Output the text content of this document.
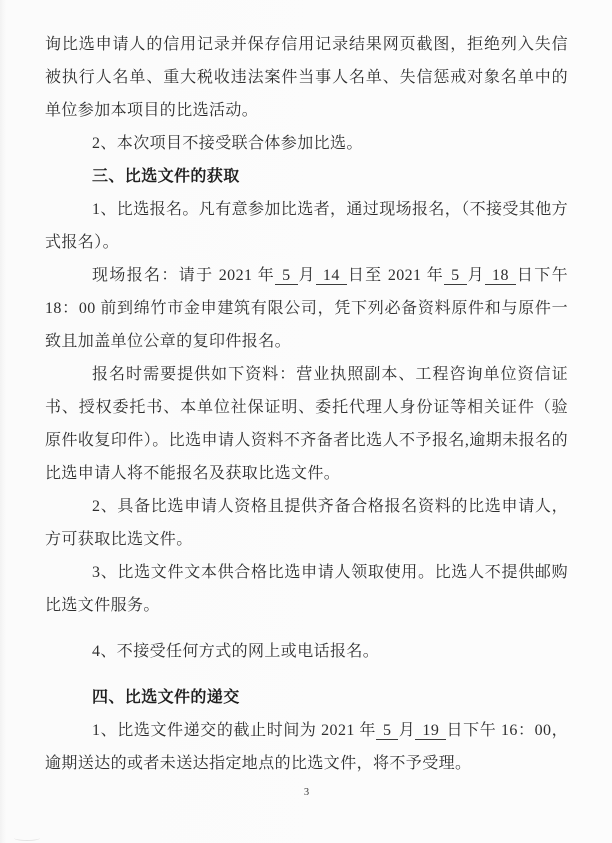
询比选申请人的信用记录并保存信用记录结果网页截图，拒绝列入失信被执行人名单、重大税收违法案件当事人名单、失信惩戒对象名单中的单位参加本项目的比选活动。

2、本次项目不接受联合体参加比选。

三、比选文件的获取

1、比选报名。凡有意参加比选者，通过现场报名，（不接受其他方式报名）。

现场报名：请于 2021 年 5 月 14 日至 2021 年 5 月 18 日下午 18：00 前到绵竹市金申建筑有限公司，凭下列必备资料原件和与原件一致且加盖单位公章的复印件报名。

报名时需要提供如下资料：营业执照副本、工程咨询单位资信证书、授权委托书、本单位社保证明、委托代理人身份证等相关证件（验原件收复印件）。比选申请人资料不齐备者比选人不予报名,逾期未报名的比选申请人将不能报名及获取比选文件。

2、具备比选申请人资格且提供齐备合格报名资料的比选申请人，方可获取比选文件。

3、比选文件文本供合格比选申请人领取使用。比选人不提供邮购比选文件服务。

4、不接受任何方式的网上或电话报名。

四、比选文件的递交

1、比选文件递交的截止时间为 2021 年 5 月 19 日下午 16：00，逾期送达的或者未送达指定地点的比选文件，将不予受理。

3
